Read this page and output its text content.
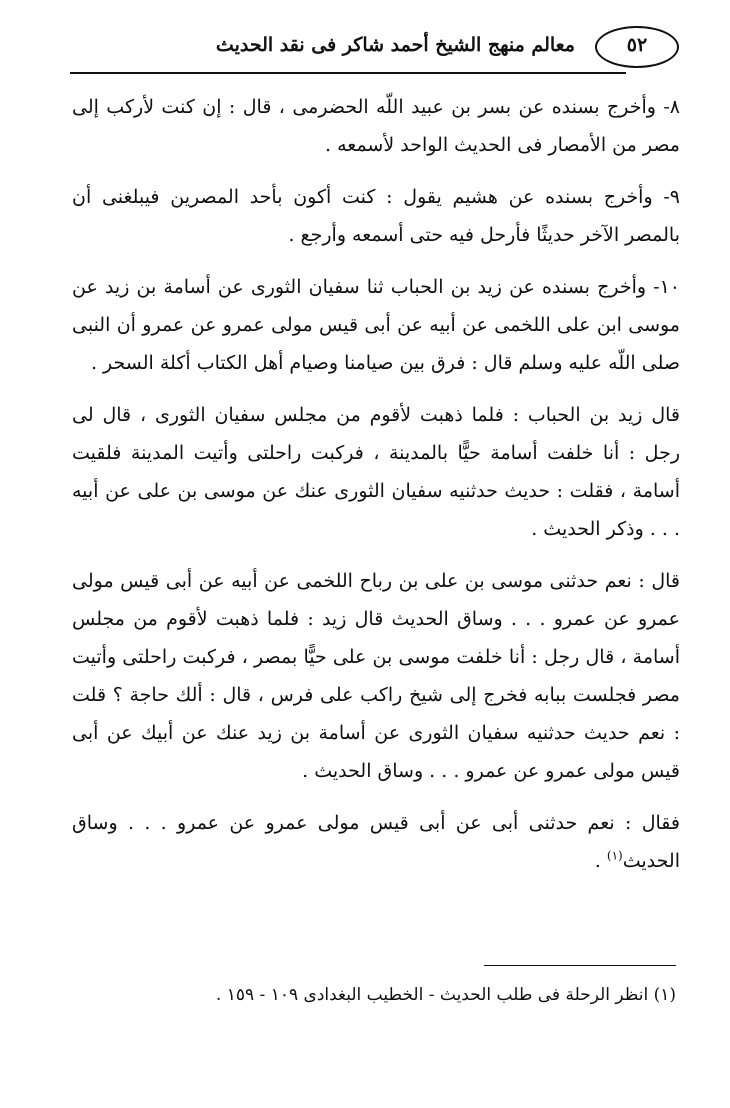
معالم منهج الشيخ أحمد شاكر فى نقد الحديث	٥٢

٨- وأخرج بسنده عن بسر بن عبيد اللّه الحضرمى ، قال : إن كنت لأركب إلى مصر من الأمصار فى الحديث الواحد لأسمعه .

٩- وأخرج بسنده عن هشيم يقول : كنت أكون بأحد المصرين فيبلغنى أن بالمصر الآخر حديثًا فأرحل فيه حتى أسمعه وأرجع .

١٠- وأخرج بسنده عن زيد بن الحباب ثنا سفيان الثورى عن أسامة بن زيد عن موسى ابن على اللخمى عن أبيه عن أبى قيس مولى عمرو عن عمرو أن النبى صلى اللّه عليه وسلم قال : فرق بين صيامنا وصيام أهل الكتاب أكلة السحر .

قال زيد بن الحباب : فلما ذهبت لأقوم من مجلس سفيان الثورى ، قال لى رجل : أنا خلفت أسامة حيًّا بالمدينة ، فركبت راحلتى وأتيت المدينة فلقيت أسامة ، فقلت : حديث حدثنيه سفيان الثورى عنك عن موسى بن على عن أبيه . . . وذكر الحديث .

قال : نعم حدثنى موسى بن على بن رباح اللخمى عن أبيه عن أبى قيس مولى عمرو عن عمرو . . . وساق الحديث قال زيد : فلما ذهبت لأقوم من مجلس أسامة ، قال رجل : أنا خلفت موسى بن على حيًّا بمصر ، فركبت راحلتى وأتيت مصر فجلست ببابه فخرج إلى شيخ راكب على فرس ، قال : ألك حاجة ؟ قلت : نعم حديث حدثنيه سفيان الثورى عن أسامة بن زيد عنك عن أبيك عن أبى قيس مولى عمرو عن عمرو . . . وساق الحديث .

فقال : نعم حدثنى أبى عن أبى قيس مولى عمرو عن عمرو . . . وساق الحديث$^{(١)}$ .

(١) انظر الرحلة فى طلب الحديث - الخطيب البغدادى ١٠٩ - ١٥٩ .
